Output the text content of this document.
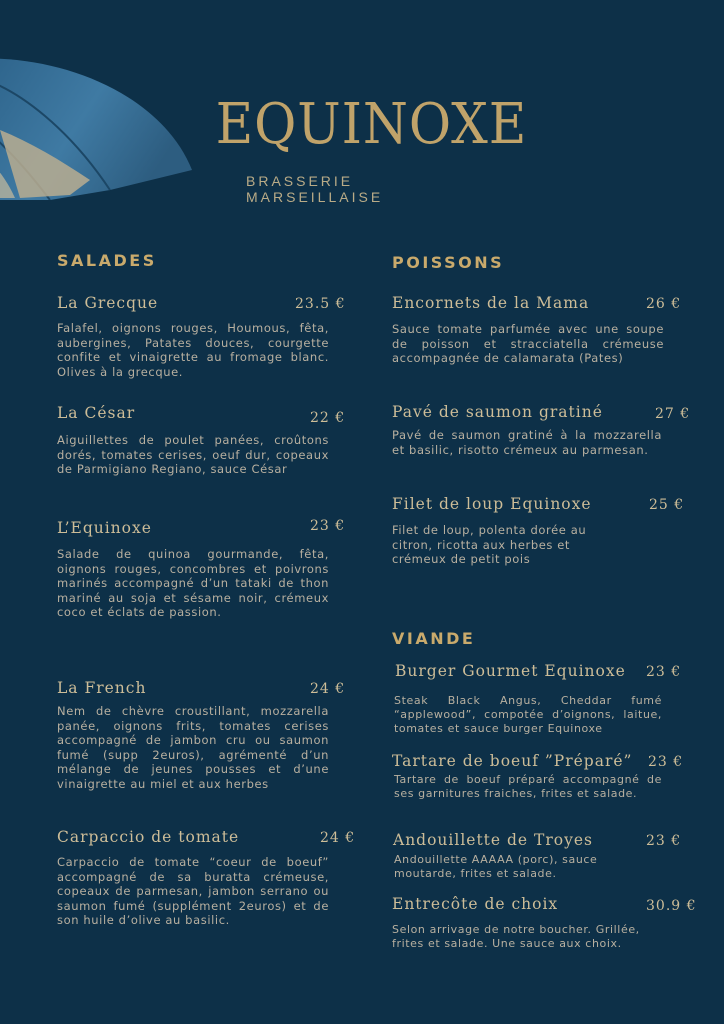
EQUINOXE
BRASSERIE MARSEILLAISE
SALADES
La Grecque	23.5 €

Falafel, oignons rouges, Houmous, fêta, aubergines, Patates douces, courgette confite et vinaigrette au fromage blanc. Olives à la grecque.

La César	22 €

Aiguillettes de poulet panées, croûtons dorés, tomates cerises, oeuf dur, copeaux de Parmigiano Regiano, sauce César

L’Equinoxe	23 €

Salade de quinoa gourmande, fêta, oignons rouges, concombres et poivrons marinés accompagné d’un tataki de thon mariné au soja et sésame noir, crémeux coco et éclats de passion.

La French	24 €

Nem de chèvre croustillant, mozzarella panée, oignons frits, tomates cerises accompagné de jambon cru ou saumon fumé (supp 2euros), agrémenté d’un mélange de jeunes pousses et d’une vinaigrette au miel et aux herbes

Carpaccio de tomate	24 €

Carpaccio de tomate “coeur de boeuf” accompagné de sa buratta crémeuse, copeaux de parmesan, jambon serrano ou saumon fumé (supplément 2euros) et de son huile d’olive au basilic.

POISSONS
Encornets de la Mama	26 €

Sauce tomate parfumée avec une soupe de poisson et stracciatella crémeuse accompagnée de calamarata (Pates)

Pavé de saumon gratiné	27 €

Pavé de saumon gratiné à la mozzarella et basilic, risotto crémeux au parmesan.

Filet de loup Equinoxe	25 €

Filet de loup, polenta dorée au citron, ricotta aux herbes et crémeux de petit pois

VIANDE
Burger Gourmet Equinoxe 23 €

Steak Black Angus, Cheddar fumé “applewood”, compotée d’oignons, laitue, tomates et sauce burger Equinoxe

Tartare de boeuf ”Préparé” 23 €

Tartare de boeuf préparé accompagné de ses garnitures fraiches, frites et salade.

Andouillette de Troyes	23 €

Andouillette AAAAA (porc), sauce moutarde, frites et salade.

Entrecôte de choix	30.9 €

Selon arrivage de notre boucher. Grillée, frites et salade. Une sauce aux choix.
